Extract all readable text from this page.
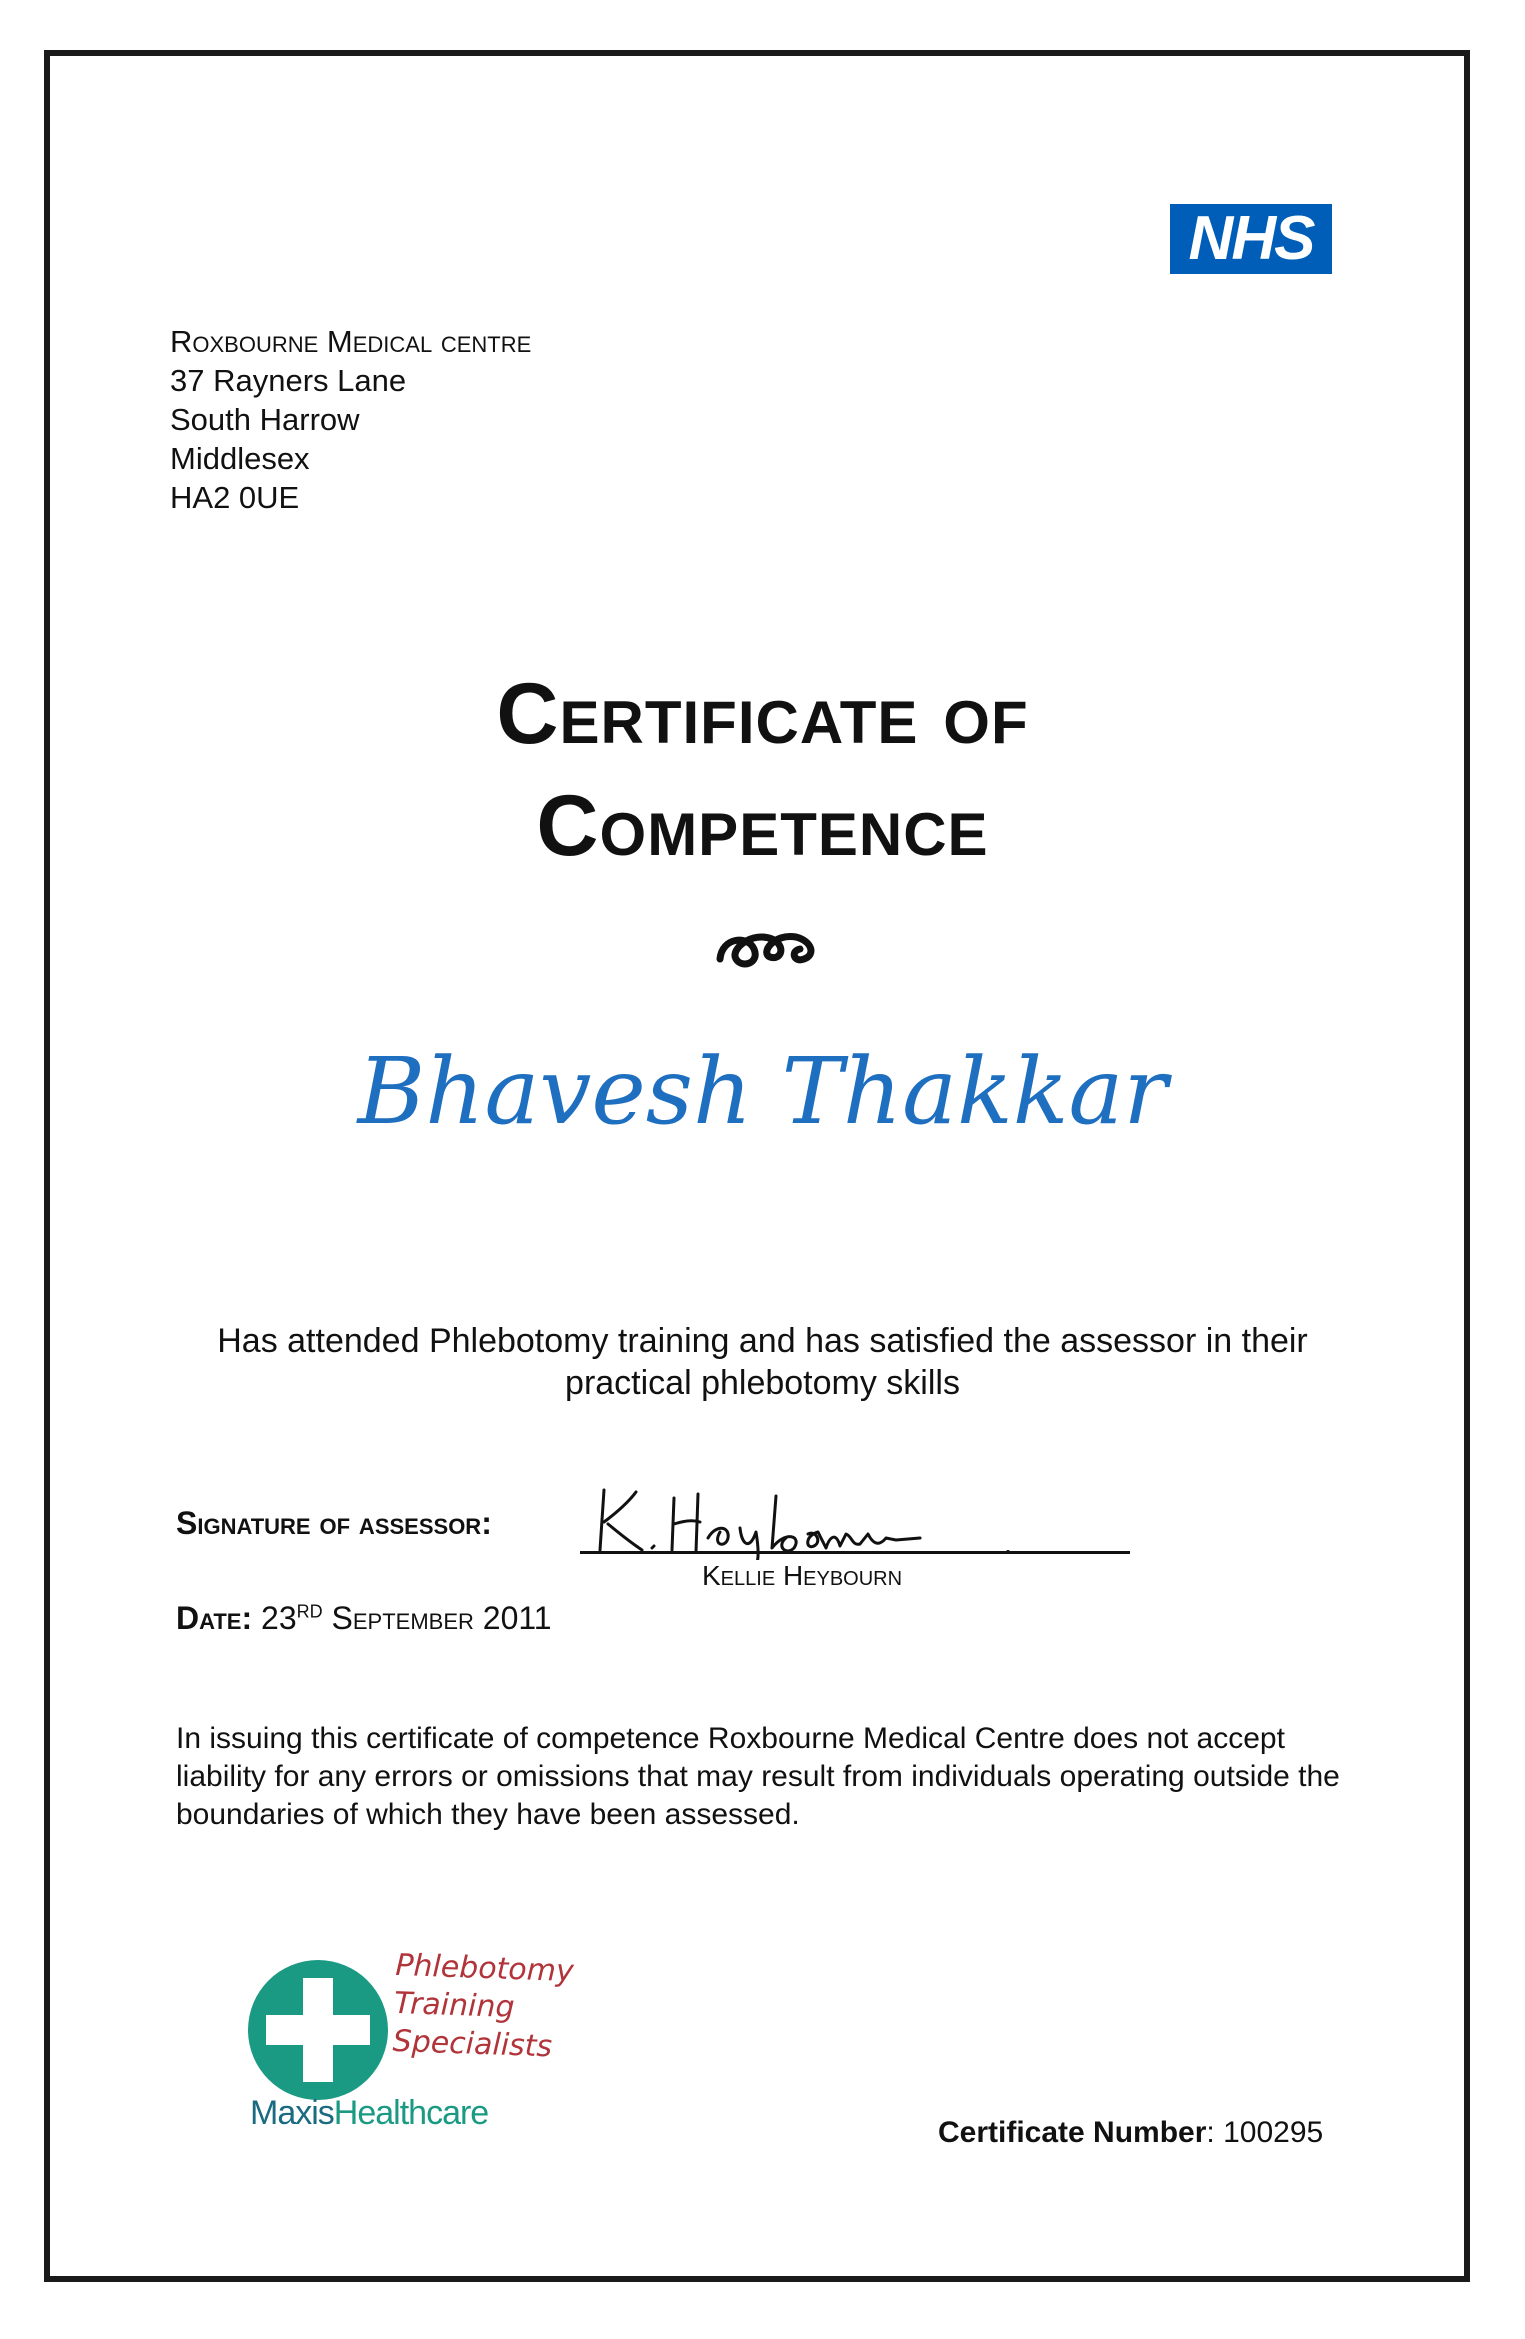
NHS
Roxbourne Medical centre
37 Rayners Lane
South Harrow
Middlesex
HA2 0UE
Certificate of
Competence
Bhavesh Thakkar
Has attended Phlebotomy training and has satisfied the assessor in their practical phlebotomy skills
Signature of assessor:
Kellie Heybourn
Date: 23RD September 2011
In issuing this certificate of competence Roxbourne Medical Centre does not accept liability for any errors or omissions that may result from individuals operating outside the boundaries of which they have been assessed.
Phlebotomy
Training
Specialists
MaxisHealthcare
Certificate Number: 100295
